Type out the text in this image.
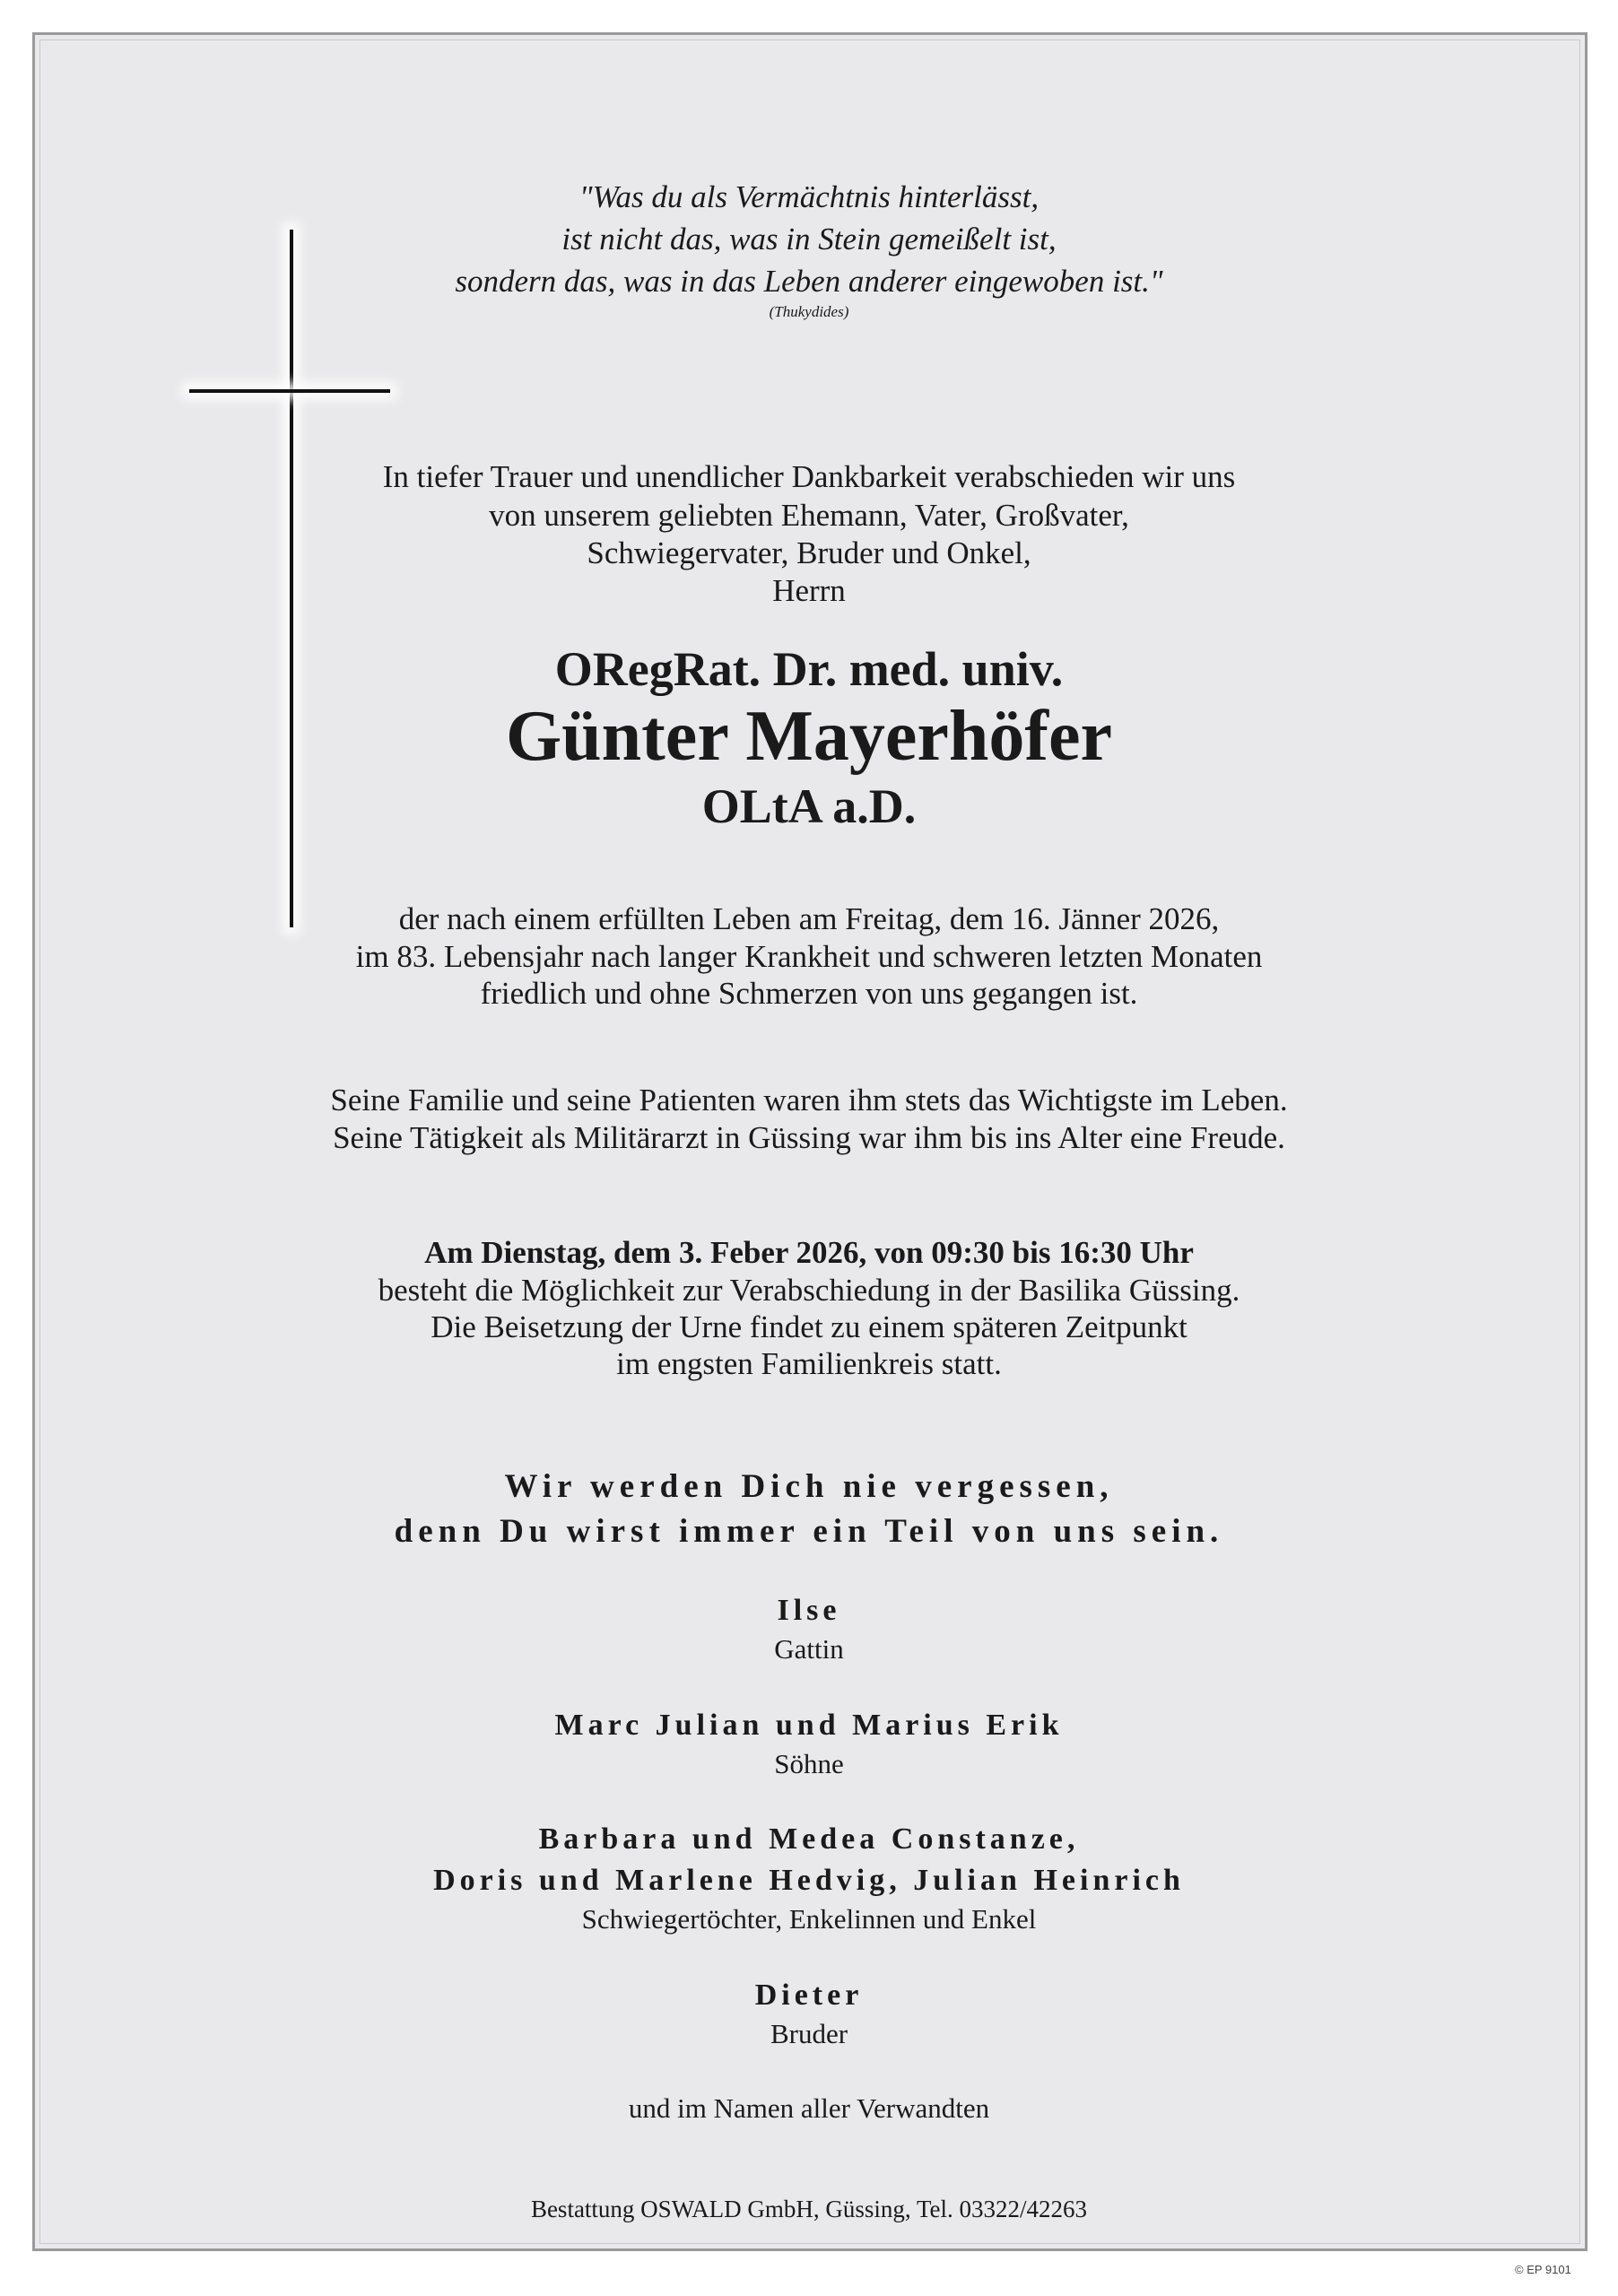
"Was du als Vermächtnis hinterlässt,
ist nicht das, was in Stein gemeißelt ist,
sondern das, was in das Leben anderer eingewoben ist."
(Thukydides)
In tiefer Trauer und unendlicher Dankbarkeit verabschieden wir uns
von unserem geliebten Ehemann, Vater, Großvater,
Schwiegervater, Bruder und Onkel,
Herrn
ORegRat. Dr. med. univ.
Günter Mayerhöfer
OLtA a.D.
der nach einem erfüllten Leben am Freitag, dem 16. Jänner 2026,
im 83. Lebensjahr nach langer Krankheit und schweren letzten Monaten
friedlich und ohne Schmerzen von uns gegangen ist.
Seine Familie und seine Patienten waren ihm stets das Wichtigste im Leben.
Seine Tätigkeit als Militärarzt in Güssing war ihm bis ins Alter eine Freude.
Am Dienstag, dem 3. Feber 2026, von 09:30 bis 16:30 Uhr
besteht die Möglichkeit zur Verabschiedung in der Basilika Güssing.
Die Beisetzung der Urne findet zu einem späteren Zeitpunkt
im engsten Familienkreis statt.
Wir werden Dich nie vergessen,
denn Du wirst immer ein Teil von uns sein.
Ilse
Gattin
Marc Julian und Marius Erik
Söhne
Barbara und Medea Constanze,
Doris und Marlene Hedvig, Julian Heinrich
Schwiegertöchter, Enkelinnen und Enkel
Dieter
Bruder
und im Namen aller Verwandten
Bestattung OSWALD GmbH, Güssing, Tel. 03322/42263
© EP 9101
